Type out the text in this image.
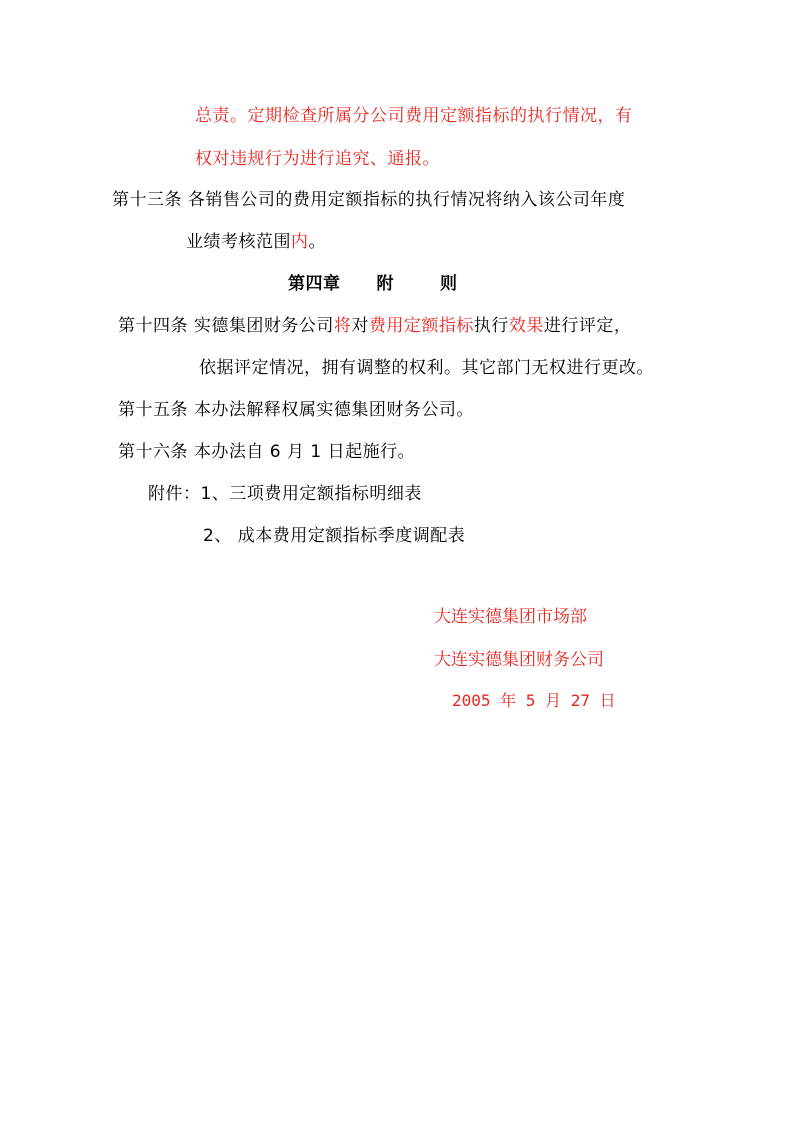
总责。定期检查所属分公司费用定额指标的执行情况，有
权对违规行为进行追究、通报。
第十三条 各销售公司的费用定额指标的执行情况将纳入该公司年度
业绩考核范围内。
第四章 附	则
第十四条 实德集团财务公司将对费用定额指标执行效果进行评定，
依据评定情况，拥有调整的权利。其它部门无权进行更改。
第十五条 本办法解释权属实德集团财务公司。
第十六条 本办法自 6 月 1 日起施行。
附件：1、三项费用定额指标明细表
2、 成本费用定额指标季度调配表
大连实德集团市场部
大连实德集团财务公司
2005 年 5 月 27 日
